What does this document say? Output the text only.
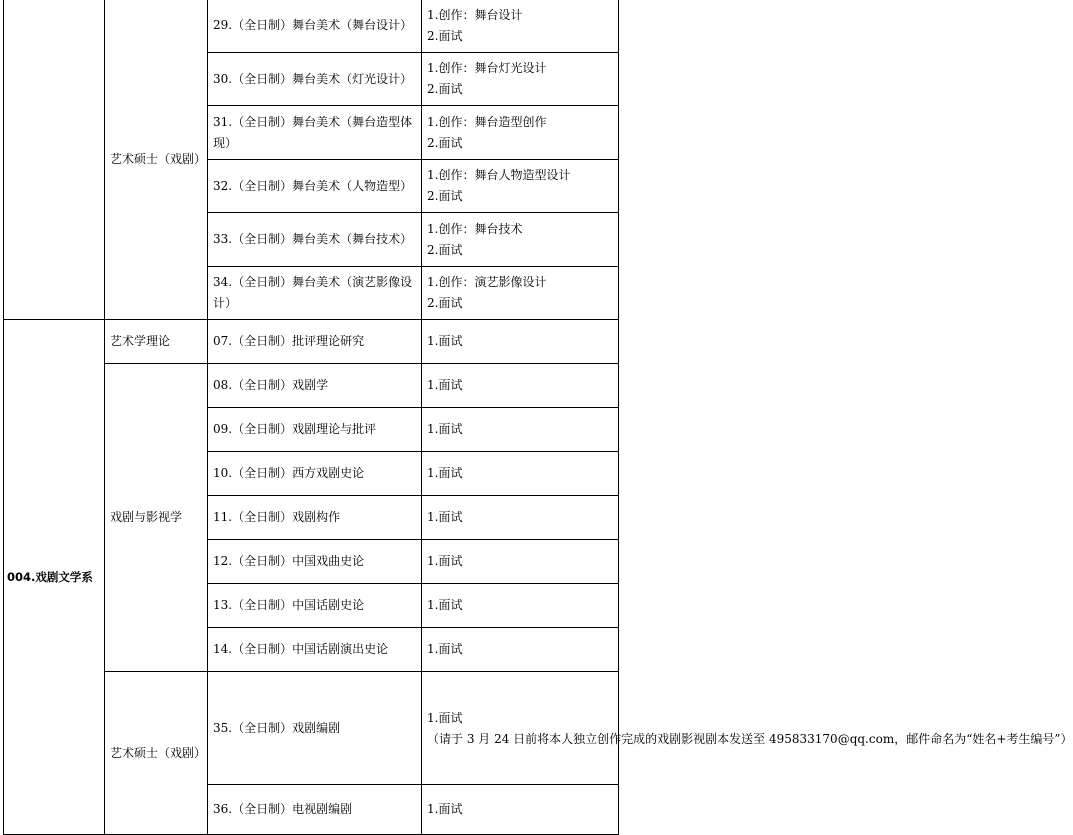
	艺术硕士（戏剧）	29.（全日制）舞台美术（舞台设计）	1.创作：舞台设计
2.面试

		30.（全日制）舞台美术（灯光设计）	1.创作：舞台灯光设计
2.面试

		31.（全日制）舞台美术（舞台造型体现）	1.创作：舞台造型创作
2.面试

		32.（全日制）舞台美术（人物造型）	1.创作：舞台人物造型设计
2.面试

		33.（全日制）舞台美术（舞台技术）	1.创作：舞台技术
2.面试

		34.（全日制）舞台美术（演艺影像设计）	1.创作：演艺影像设计
2.面试

004.戏剧文学系	艺术学理论	07.（全日制）批评理论研究	1.面试

	戏剧与影视学	08.（全日制）戏剧学	1.面试

		09.（全日制）戏剧理论与批评	1.面试

		10.（全日制）西方戏剧史论	1.面试

		11.（全日制）戏剧构作	1.面试

		12.（全日制）中国戏曲史论	1.面试

		13.（全日制）中国话剧史论	1.面试

		14.（全日制）中国话剧演出史论	1.面试

	艺术硕士（戏剧）	35.（全日制）戏剧编剧	1.面试
（请于 3 月 24 日前将本人独立创作完成的戏剧影视剧本发送至 495833170@qq.com，邮件命名为“姓名+考生编号”）

		36.（全日制）电视剧编剧	1.面试
